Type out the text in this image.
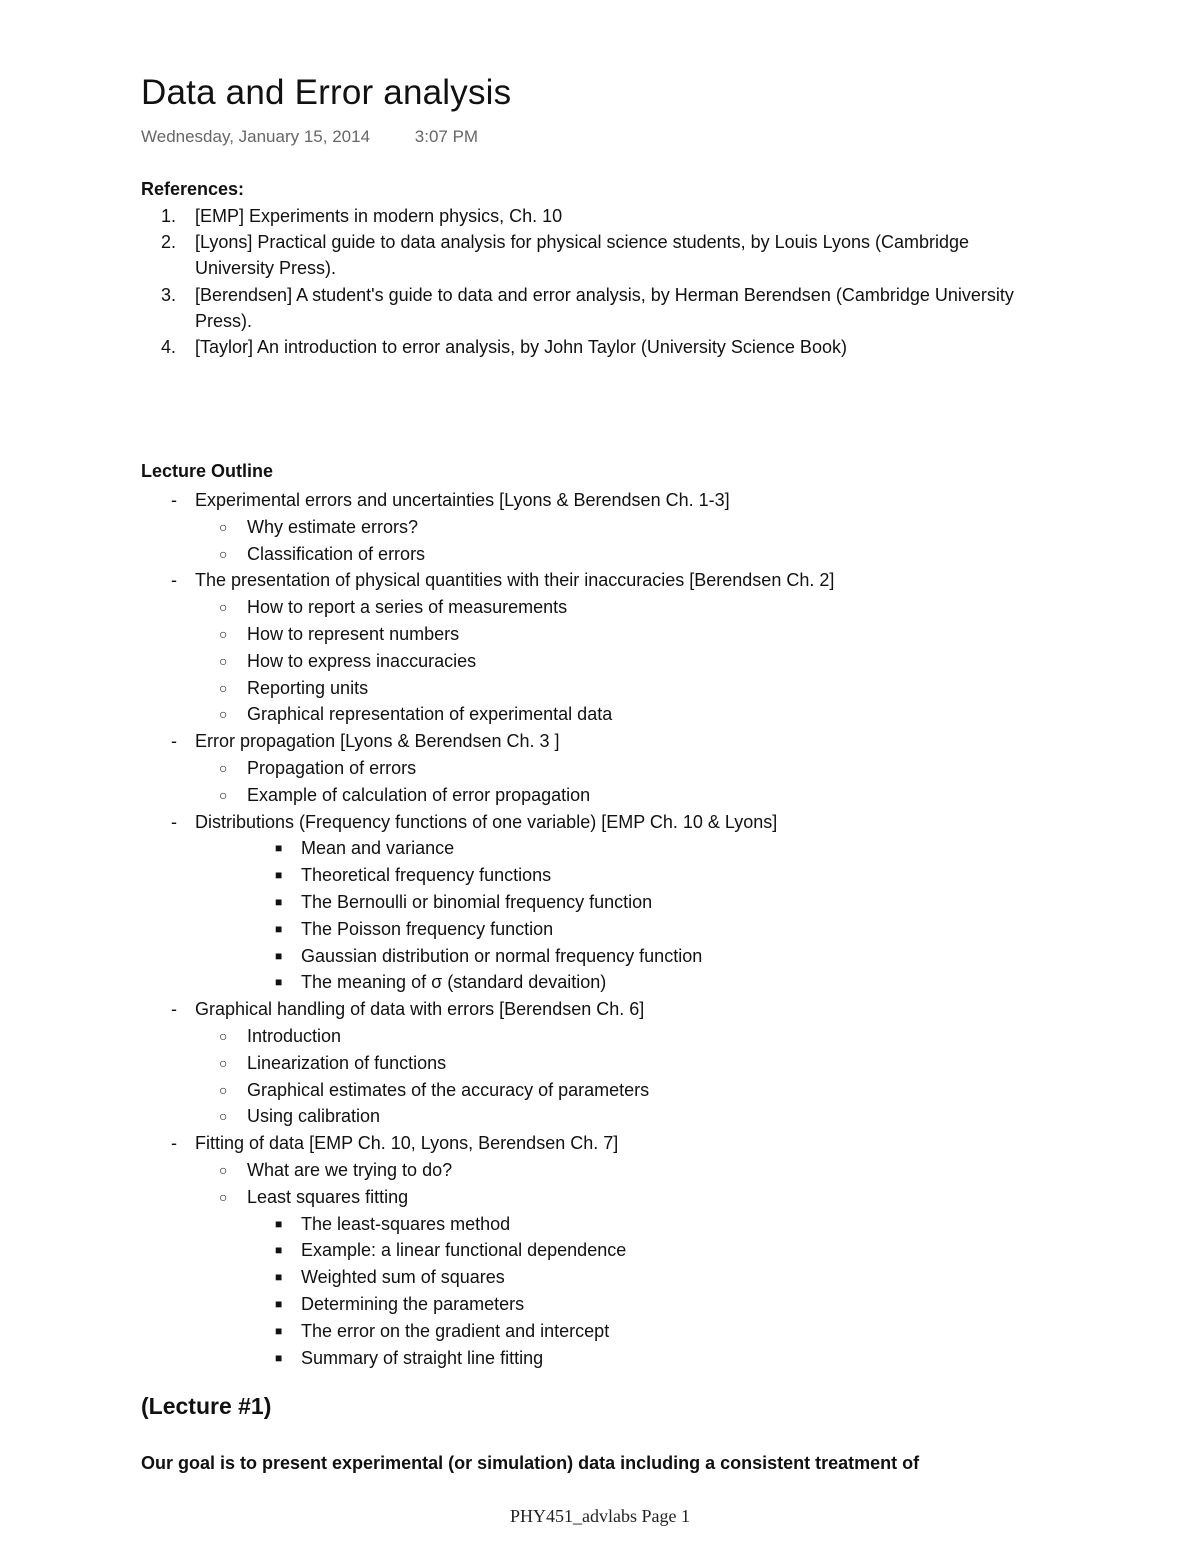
Data and Error analysis
Wednesday, January 15, 2014	3:07 PM
References:
1. [EMP] Experiments in modern physics, Ch. 10
2. [Lyons] Practical guide to data analysis for physical science students, by Louis Lyons (Cambridge University Press).
3. [Berendsen] A student's guide to data and error analysis, by Herman Berendsen (Cambridge University Press).
4. [Taylor] An introduction to error analysis, by John Taylor (University Science Book)
Lecture Outline
- Experimental errors and uncertainties [Lyons & Berendsen Ch. 1-3]
○ Why estimate errors?
○ Classification of errors
- The presentation of physical quantities with their inaccuracies [Berendsen Ch. 2]
○ How to report a series of measurements
○ How to represent numbers
○ How to express inaccuracies
○ Reporting units
○ Graphical representation of experimental data
- Error propagation [Lyons & Berendsen Ch. 3 ]
○ Propagation of errors
○ Example of calculation of error propagation
- Distributions (Frequency functions of one variable) [EMP Ch. 10 & Lyons]
■ Mean and variance
■ Theoretical frequency functions
■ The Bernoulli or binomial frequency function
■ The Poisson frequency function
■ Gaussian distribution or normal frequency function
■ The meaning of σ (standard devaition)
- Graphical handling of data with errors [Berendsen Ch. 6]
○ Introduction
○ Linearization of functions
○ Graphical estimates of the accuracy of parameters
○ Using calibration
- Fitting of data [EMP Ch. 10, Lyons, Berendsen Ch. 7]
○ What are we trying to do?
○ Least squares fitting
■ The least-squares method
■ Example: a linear functional dependence
■ Weighted sum of squares
■ Determining the parameters
■ The error on the gradient and intercept
■ Summary of straight line fitting
(Lecture #1)
Our goal is to present experimental (or simulation) data including a consistent treatment of
PHY451_advlabs Page 1
